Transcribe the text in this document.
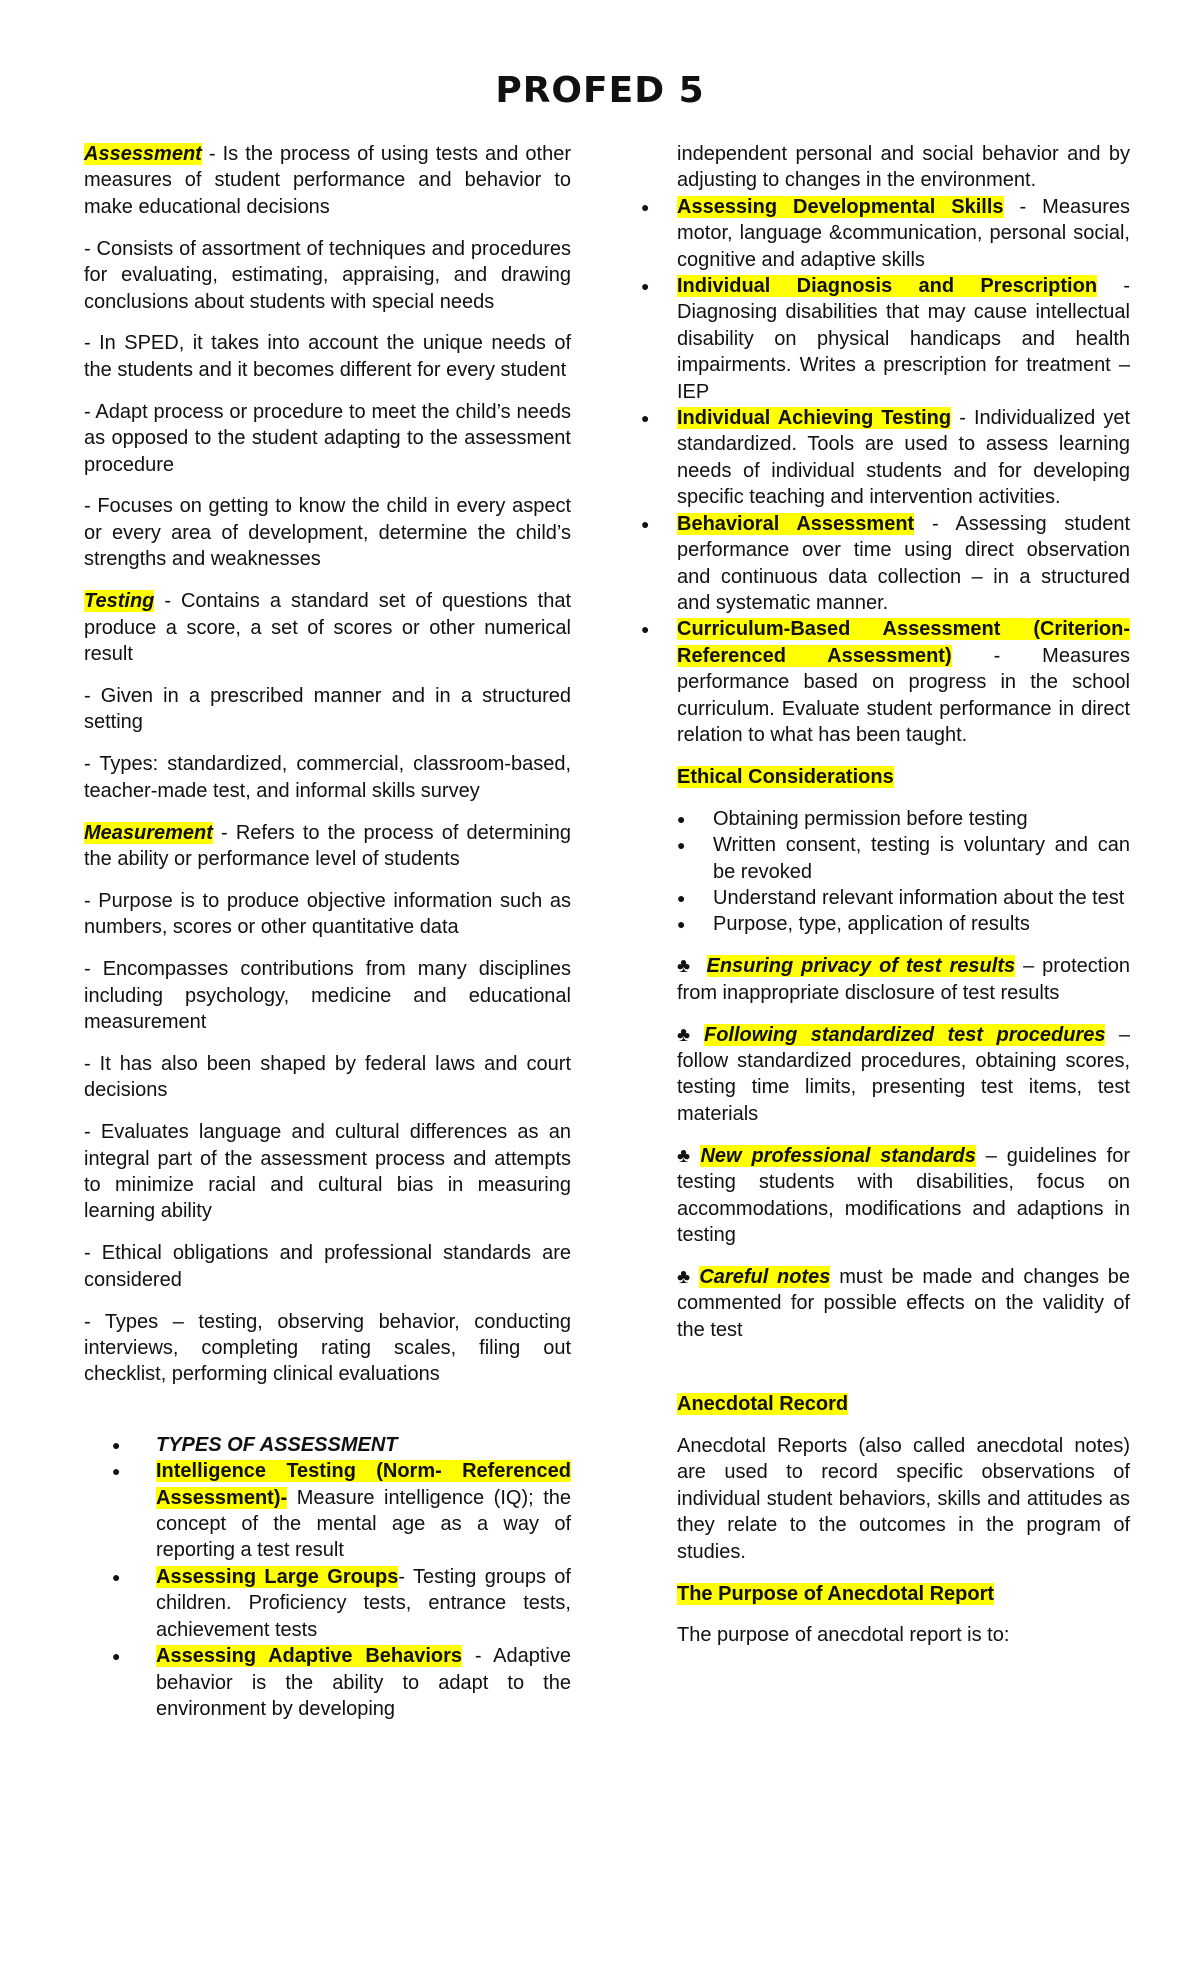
PROFED 5

Assessment - Is the process of using tests and other measures of student performance and behavior to make educational decisions

- Consists of assortment of techniques and procedures for evaluating, estimating, appraising, and drawing conclusions about students with special needs

- In SPED, it takes into account the unique needs of the students and it becomes different for every student

- Adapt process or procedure to meet the child’s needs as opposed to the student adapting to the assessment procedure

- Focuses on getting to know the child in every aspect or every area of development, determine the child’s strengths and weaknesses

Testing - Contains a standard set of questions that produce a score, a set of scores or other numerical result

- Given in a prescribed manner and in a structured setting

- Types: standardized, commercial, classroom-based, teacher-made test, and informal skills survey

Measurement - Refers to the process of determining the ability or performance level of students

- Purpose is to produce objective information such as numbers, scores or other quantitative data

- Encompasses contributions from many disciplines including psychology, medicine and educational measurement

- It has also been shaped by federal laws and court decisions

- Evaluates language and cultural differences as an integral part of the assessment process and attempts to minimize racial and cultural bias in measuring learning ability

- Ethical obligations and professional standards are considered

- Types – testing, observing behavior, conducting interviews, completing rating scales, filing out checklist, performing clinical evaluations

● TYPES OF ASSESSMENT
● Intelligence Testing (Norm- Referenced Assessment)- Measure intelligence (IQ); the concept of the mental age as a way of reporting a test result
● Assessing Large Groups- Testing groups of children. Proficiency tests, entrance tests, achievement tests
● Assessing Adaptive Behaviors - Adaptive behavior is the ability to adapt to the environment by developing

independent personal and social behavior and by adjusting to changes in the environment.

● Assessing Developmental Skills - Measures motor, language &communication, personal social, cognitive and adaptive skills
● Individual Diagnosis and Prescription - Diagnosing disabilities that may cause intellectual disability on physical handicaps and health impairments. Writes a prescription for treatment – IEP
● Individual Achieving Testing - Individualized yet standardized. Tools are used to assess learning needs of individual students and for developing specific teaching and intervention activities.
● Behavioral Assessment - Assessing student performance over time using direct observation and continuous data collection – in a structured and systematic manner.
● Curriculum-Based Assessment (Criterion- Referenced Assessment) - Measures performance based on progress in the school curriculum. Evaluate student performance in direct relation to what has been taught.

Ethical Considerations

● Obtaining permission before testing
● Written consent, testing is voluntary and can be revoked
● Understand relevant information about the test
● Purpose, type, application of results

♣ Ensuring privacy of test results – protection from inappropriate disclosure of test results

♣ Following standardized test procedures – follow standardized procedures, obtaining scores, testing time limits, presenting test items, test materials

♣ New professional standards – guidelines for testing students with disabilities, focus on accommodations, modifications and adaptions in testing

♣ Careful notes must be made and changes be commented for possible effects on the validity of the test

Anecdotal Record

Anecdotal Reports (also called anecdotal notes) are used to record specific observations of individual student behaviors, skills and attitudes as they relate to the outcomes in the program of studies.

The Purpose of Anecdotal Report

The purpose of anecdotal report is to:
